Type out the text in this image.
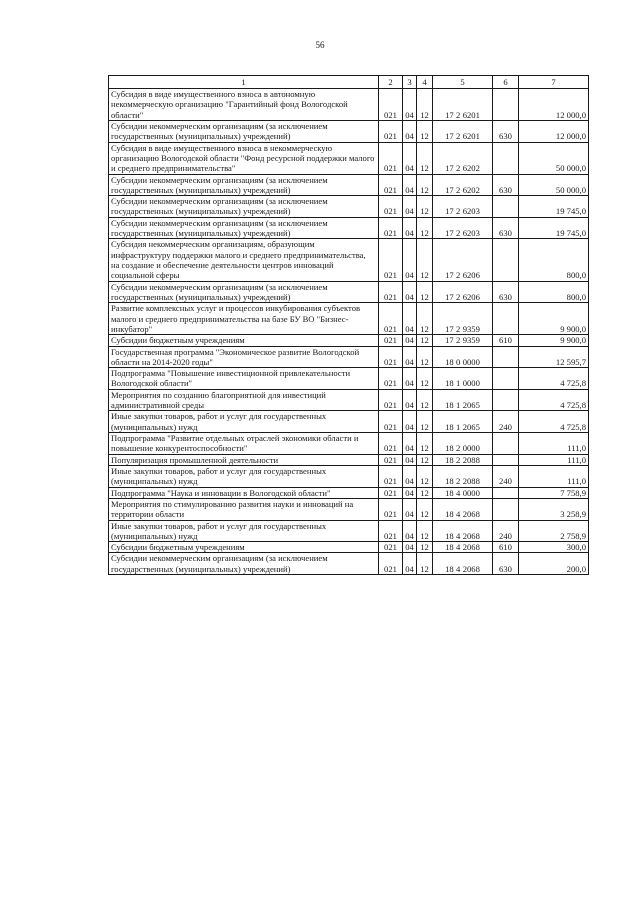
56
1	2	3	4	5	6	7
Субсидия в виде имущественного взноса в автономную некоммерческую организацию "Гарантийный фонд Вологодской области"	021	04	12	17 2 6201		12 000,0
Субсидии некоммерческим организациям (за исключением государственных (муниципальных) учреждений)	021	04	12	17 2 6201	630	12 000,0
Субсидия в виде имущественного взноса в некоммерческую организацию Вологодской области "Фонд ресурсной поддержки малого и среднего предпринимательства"	021	04	12	17 2 6202		50 000,0
Субсидии некоммерческим организациям (за исключением государственных (муниципальных) учреждений)	021	04	12	17 2 6202	630	50 000,0
Субсидии некоммерческим организациям (за исключением государственных (муниципальных) учреждений)	021	04	12	17 2 6203		19 745,0
Субсидии некоммерческим организациям (за исключением государственных (муниципальных) учреждений)	021	04	12	17 2 6203	630	19 745,0
Субсидия некоммерческим организациям, образующим инфраструктуру поддержки малого и среднего предпринимательства, на создание и обеспечение деятельности центров инноваций социальной сферы	021	04	12	17 2 6206		800,0
Субсидии некоммерческим организациям (за исключением государственных (муниципальных) учреждений)	021	04	12	17 2 6206	630	800,0
Развитие комплексных услуг и процессов инкубирования субъектов малого и среднего предпринимательства на базе БУ ВО "Бизнес-инкубатор"	021	04	12	17 2 9359		9 900,0
Субсидии бюджетным учреждениям	021	04	12	17 2 9359	610	9 900,0
Государственная программа "Экономическое развитие Вологодской области на 2014-2020 годы"	021	04	12	18 0 0000		12 595,7
Подпрограмма "Повышение инвестиционной привлекательности Вологодской области"	021	04	12	18 1 0000		4 725,8
Мероприятия по созданию благоприятной для инвестиций административной среды	021	04	12	18 1 2065		4 725,8
Иные закупки товаров, работ и услуг для государственных (муниципальных) нужд	021	04	12	18 1 2065	240	4 725,8
Подпрограмма "Развитие отдельных отраслей экономики области и повышение конкурентоспособности"	021	04	12	18 2 0000		111,0
Популяризация промышленной деятельности	021	04	12	18 2 2088		111,0
Иные закупки товаров, работ и услуг для государственных (муниципальных) нужд	021	04	12	18 2 2088	240	111,0
Подпрограмма "Наука и инновации в Вологодской области"	021	04	12	18 4 0000		7 758,9
Мероприятия по стимулированию развития науки и инноваций на территории области	021	04	12	18 4 2068		3 258,9
Иные закупки товаров, работ и услуг для государственных (муниципальных) нужд	021	04	12	18 4 2068	240	2 758,9
Субсидии бюджетным учреждениям	021	04	12	18 4 2068	610	300,0
Субсидии некоммерческим организациям (за исключением государственных (муниципальных) учреждений)	021	04	12	18 4 2068	630	200,0
